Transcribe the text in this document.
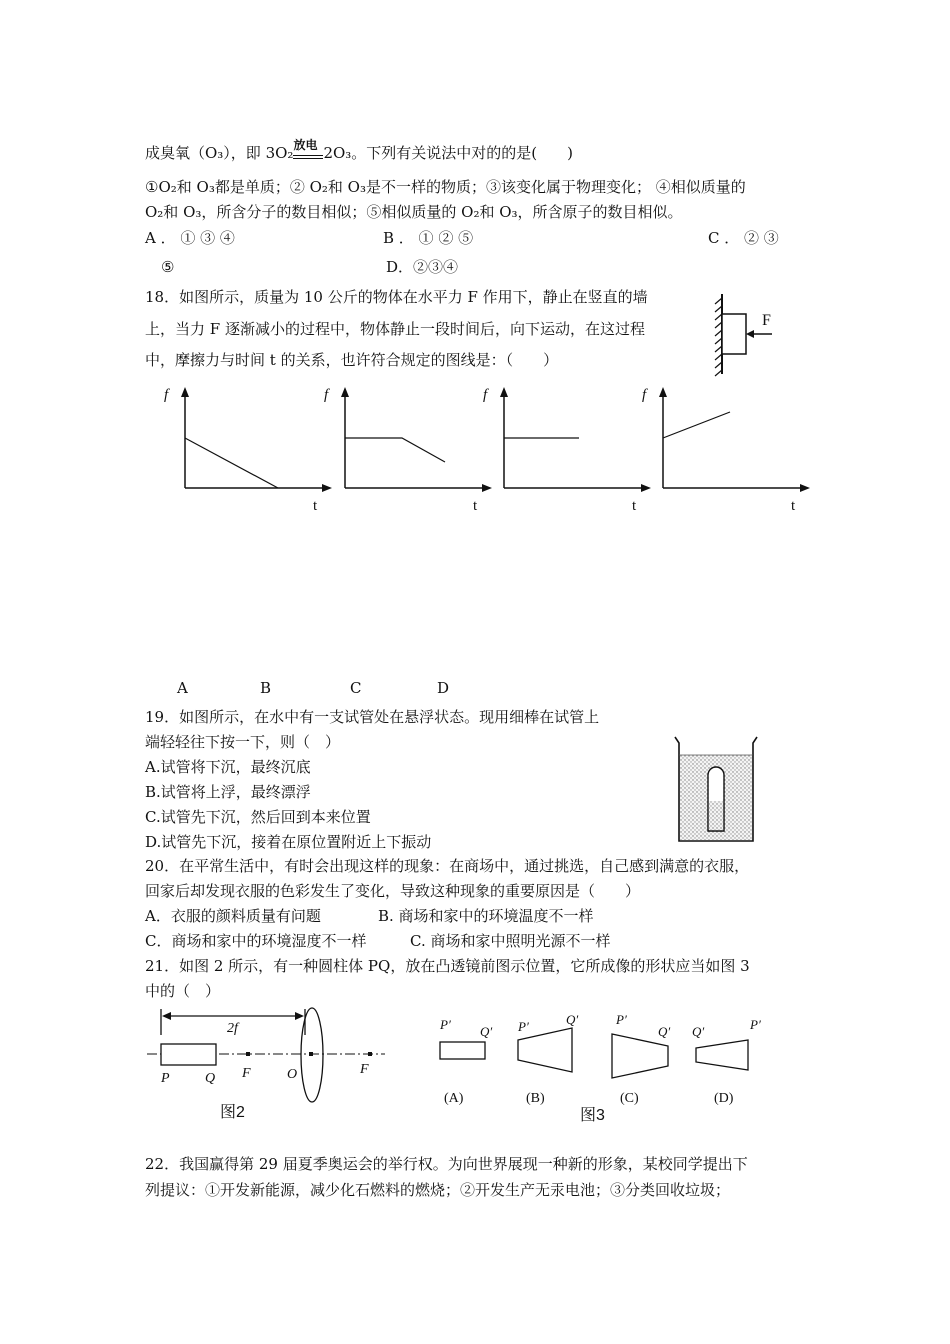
成臭氧（O₃），即 3O₂ 放电 2O₃。下列有关说法中对的的是(　　)
①O₂和 O₃都是单质；② O₂和 O₃是不一样的物质；③该变化属于物理变化； ④相似质量的
O₂和 O₃，所含分子的数目相似；⑤相似质量的 O₂和 O₃，所含原子的数目相似。
A ． ① ③ ④	B ． ① ② ⑤	C ． ② ③
⑤	D．②③④
18．如图所示，质量为 10 公斤的物体在水平力 F 作用下，静止在竖直的墙
上，当力 F 逐渐减小的过程中，物体静止一段时间后，向下运动，在这过程
中，摩擦力与时间 t 的关系，也许符合规定的图线是：（　　）
F
f
t
f
t
f
t
f
t
A	B	C	D
19．如图所示，在水中有一支试管处在悬浮状态。现用细棒在试管上
端轻轻往下按一下，则（　）
A.试管将下沉，最终沉底
B.试管将上浮，最终漂浮
C.试管先下沉，然后回到本来位置
D.试管先下沉，接着在原位置附近上下振动
20．在平常生活中，有时会出现这样的现象：在商场中，通过挑选，自己感到满意的衣服，
回家后却发现衣服的色彩发生了变化，导致这种现象的重要原因是（　　）
A．衣服的颜料质量有问题	B. 商场和家中的环境温度不一样
C．商场和家中的环境湿度不一样	C. 商场和家中照明光源不一样
21．如图 2 所示，有一种圆柱体 PQ，放在凸透镜前图示位置，它所成像的形状应当如图 3
中的（　）
2f
P	Q F	O	F
图2
P′ Q′
(A)
P′	Q′
(B)
P′
Q′
(C)
Q′	P′
(D)
图3
22．我国赢得第 29 届夏季奥运会的举行权。为向世界展现一种新的形象，某校同学提出下
列提议：①开发新能源，减少化石燃料的燃烧；②开发生产无汞电池；③分类回收垃圾；
